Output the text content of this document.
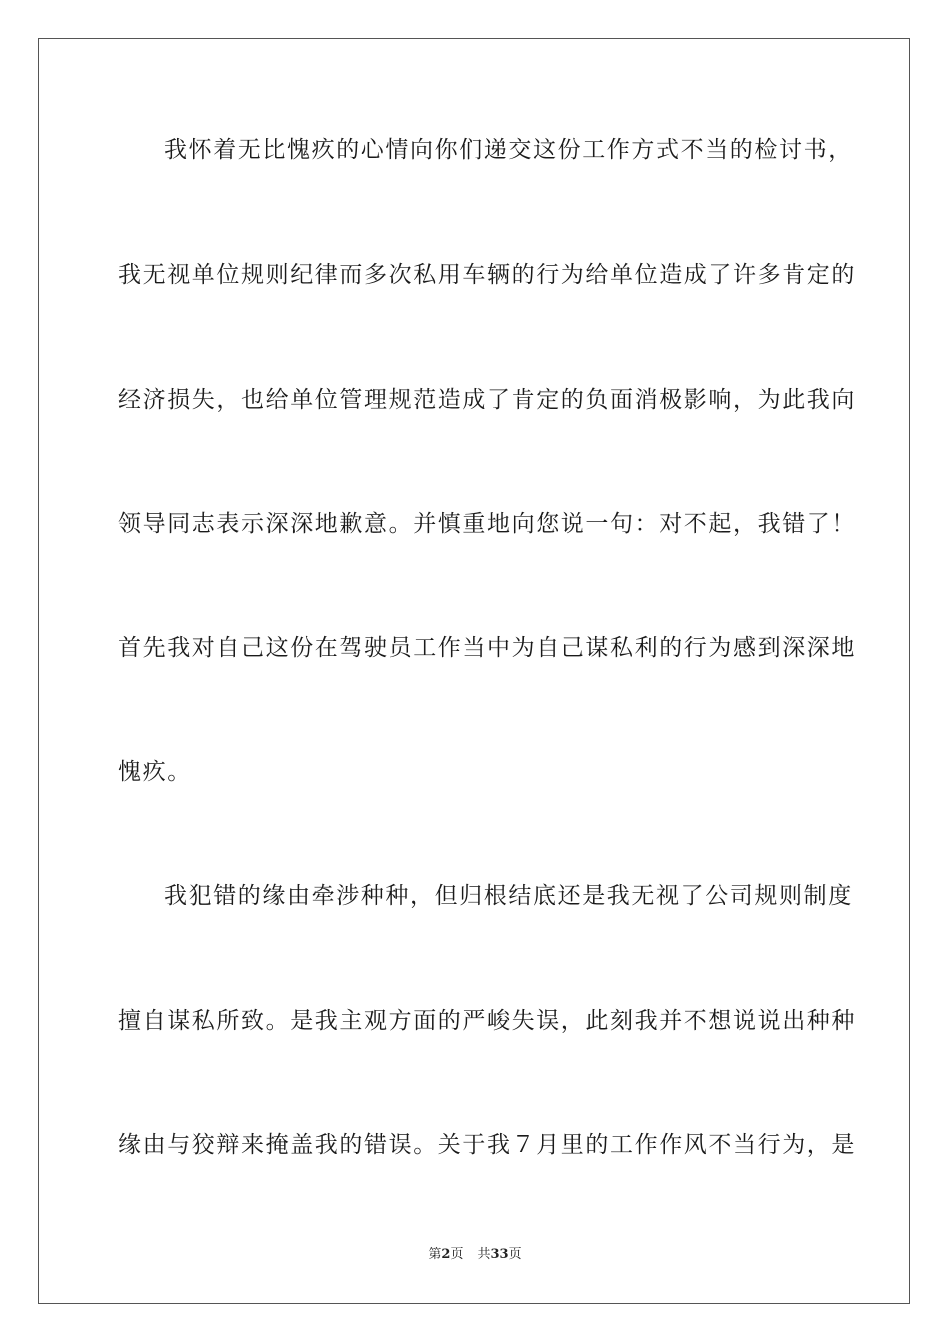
我怀着无比愧疚的心情向你们递交这份工作方式不当的检讨书，
我无视单位规则纪律而多次私用车辆的行为给单位造成了许多肯定的
经济损失，也给单位管理规范造成了肯定的负面消极影响，为此我向
领导同志表示深深地歉意。并慎重地向您说一句：对不起，我错了！
首先我对自己这份在驾驶员工作当中为自己谋私利的行为感到深深地
愧疚。
我犯错的缘由牵涉种种，但归根结底还是我无视了公司规则制度
擅自谋私所致。是我主观方面的严峻失误，此刻我并不想说说出种种
缘由与狡辩来掩盖我的错误。关于我７月里的工作作风不当行为，是
第2页 共33页
